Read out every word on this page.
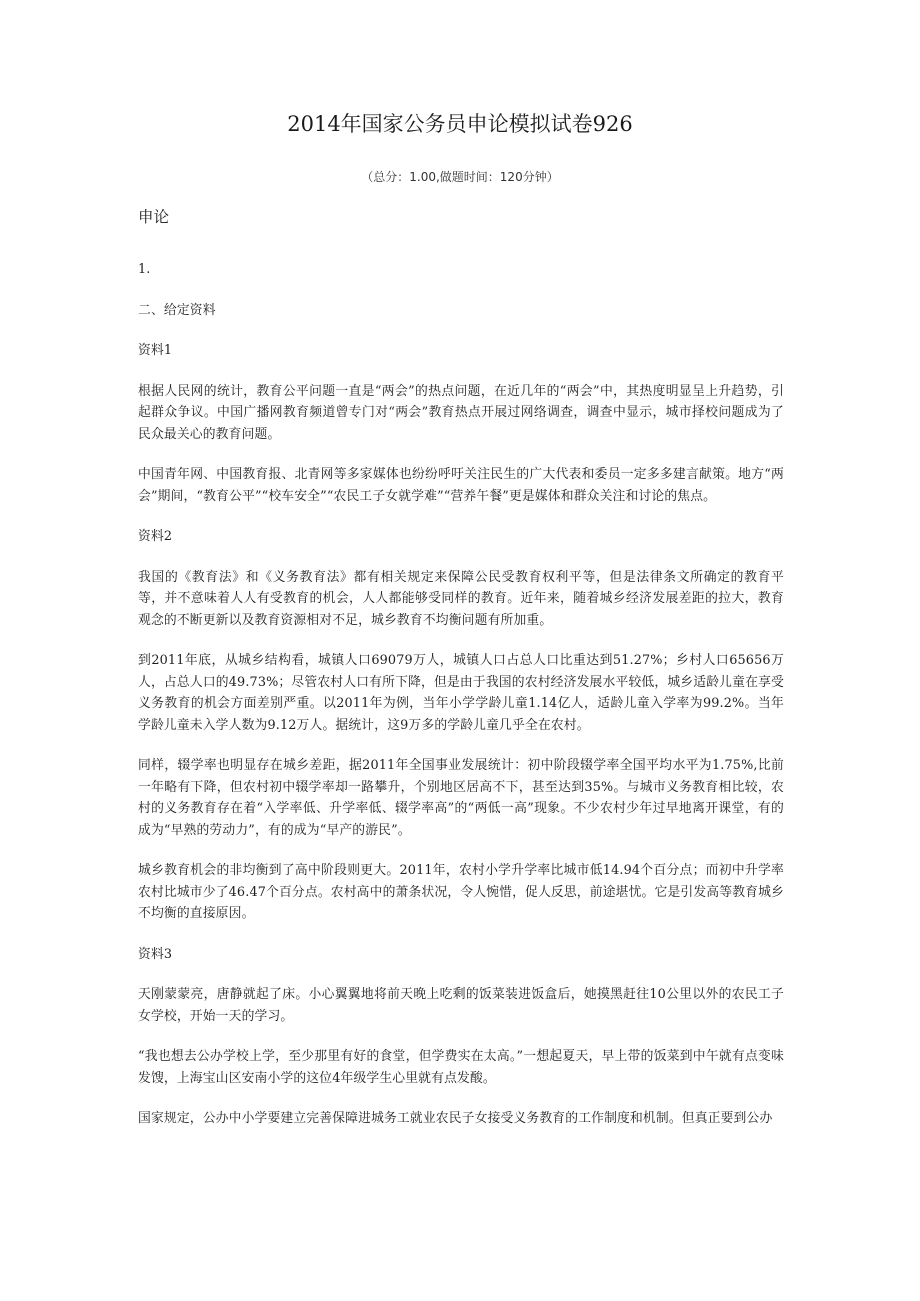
2014年国家公务员申论模拟试卷926
（总分：1.00,做题时间：120分钟）
申论

1.

二、给定资料

资料1

根据人民网的统计，教育公平问题一直是“两会”的热点问题，在近几年的“两会”中，其热度明显呈上升趋势，引起群众争议。中国广播网教育频道曾专门对“两会”教育热点开展过网络调查，调查中显示，城市择校问题成为了民众最关心的教育问题。

中国青年网、中国教育报、北青网等多家媒体也纷纷呼吁关注民生的广大代表和委员一定多多建言献策。地方“两会”期间，“教育公平”“校车安全”“农民工子女就学难”“营养午餐”更是媒体和群众关注和讨论的焦点。

资料2

我国的《教育法》和《义务教育法》都有相关规定来保障公民受教育权利平等，但是法律条文所确定的教育平等，并不意味着人人有受教育的机会，人人都能够受同样的教育。近年来，随着城乡经济发展差距的拉大，教育观念的不断更新以及教育资源相对不足，城乡教育不均衡问题有所加重。

到2011年底，从城乡结构看，城镇人口69079万人，城镇人口占总人口比重达到51.27%；乡村人口65656万人，占总人口的49.73%；尽管农村人口有所下降，但是由于我国的农村经济发展水平较低，城乡适龄儿童在享受义务教育的机会方面差别严重。以2011年为例，当年小学学龄儿童1.14亿人，适龄儿童入学率为99.2%。当年学龄儿童未入学人数为9.12万人。据统计，这9万多的学龄儿童几乎全在农村。

同样，辍学率也明显存在城乡差距，据2011年全国事业发展统计：初中阶段辍学率全国平均水平为1.75%,比前一年略有下降，但农村初中辍学率却一路攀升，个别地区居高不下，甚至达到35%。与城市义务教育相比较，农村的义务教育存在着“入学率低、升学率低、辍学率高”的“两低一高”现象。不少农村少年过早地离开课堂，有的成为“早熟的劳动力”，有的成为“早产的游民”。

城乡教育机会的非均衡到了高中阶段则更大。2011年，农村小学升学率比城市低14.94个百分点；而初中升学率农村比城市少了46.47个百分点。农村高中的萧条状况，令人惋惜，促人反思，前途堪忧。它是引发高等教育城乡不均衡的直接原因。

资料3

天刚蒙蒙亮，唐静就起了床。小心翼翼地将前天晚上吃剩的饭菜装进饭盒后，她摸黑赶往10公里以外的农民工子女学校，开始一天的学习。

“我也想去公办学校上学，至少那里有好的食堂，但学费实在太高。”一想起夏天，早上带的饭菜到中午就有点变味发馊，上海宝山区安南小学的这位4年级学生心里就有点发酸。

国家规定，公办中小学要建立完善保障进城务工就业农民子女接受义务教育的工作制度和机制。但真正要到公办
